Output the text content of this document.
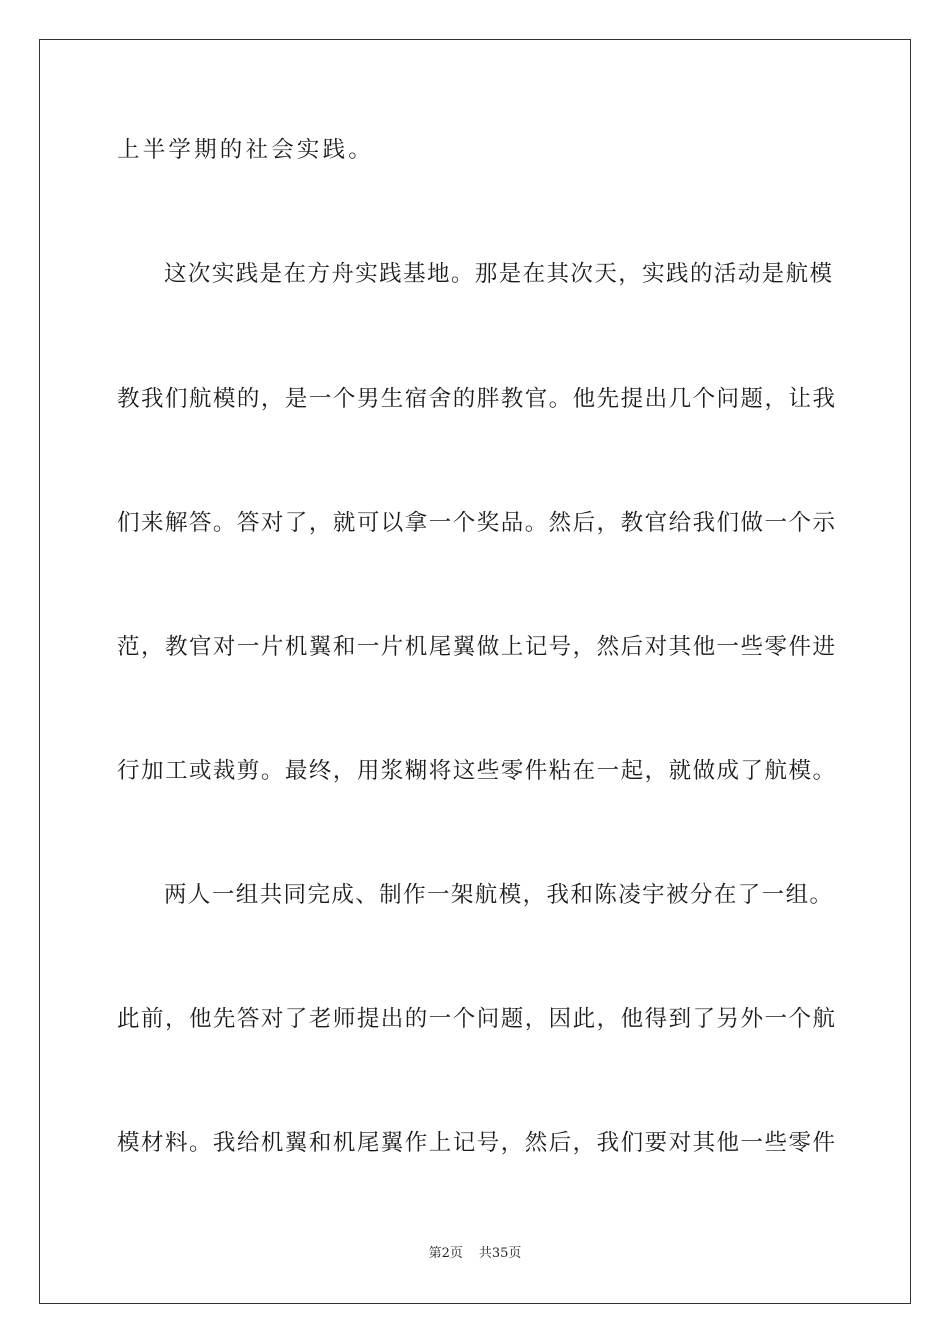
上半学期的社会实践。
这次实践是在方舟实践基地。那是在其次天，实践的活动是航模
教我们航模的，是一个男生宿舍的胖教官。他先提出几个问题，让我
们来解答。答对了，就可以拿一个奖品。然后，教官给我们做一个示
范，教官对一片机翼和一片机尾翼做上记号，然后对其他一些零件进
行加工或裁剪。最终，用浆糊将这些零件粘在一起，就做成了航模。
两人一组共同完成、制作一架航模，我和陈凌宇被分在了一组。
此前，他先答对了老师提出的一个问题，因此，他得到了另外一个航
模材料。我给机翼和机尾翼作上记号，然后，我们要对其他一些零件
第2页 共35页
